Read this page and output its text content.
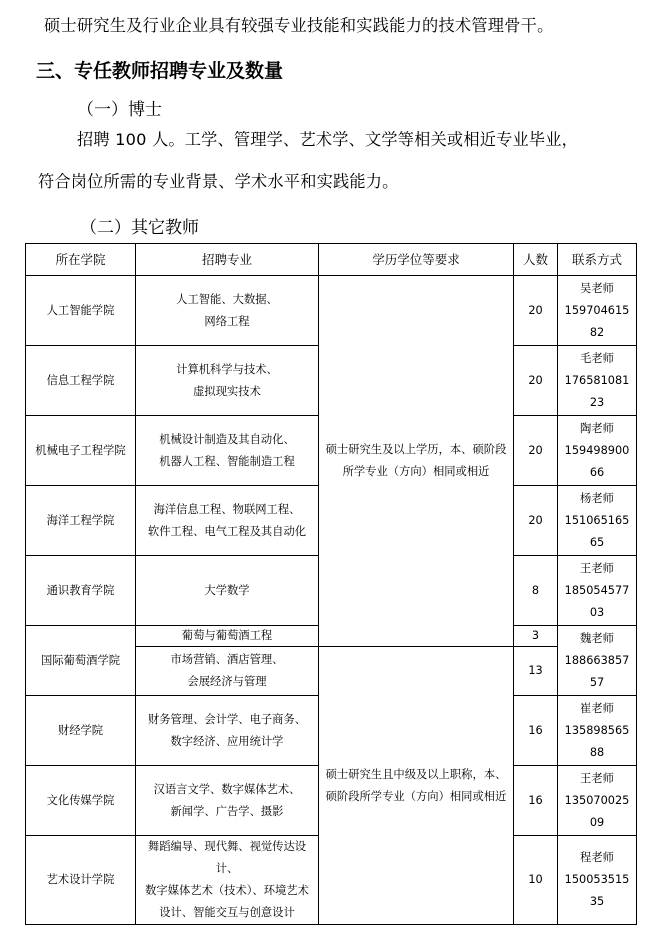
硕士研究生及行业企业具有较强专业技能和实践能力的技术管理骨干。
三、专任教师招聘专业及数量
（一）博士
招聘 100 人。工学、管理学、艺术学、文学等相关或相近专业毕业，
符合岗位所需的专业背景、学术水平和实践能力。
（二）其它教师
所在学院	招聘专业	学历学位等要求	人数	联系方式
人工智能学院	人工智能、大数据、
网络工程	硕士研究生及以上学历，本、硕阶段
所学专业（方向）相同或相近	20	吴老师
159704615
82

信息工程学院	计算机科学与技术、
虚拟现实技术		20	毛老师
176581081
23

机械电子工程学院	机械设计制造及其自动化、
机器人工程、智能制造工程		20	陶老师
159498900
66

海洋工程学院	海洋信息工程、物联网工程、
软件工程、电气工程及其自动化		20	杨老师
151065165
65

通识教育学院	大学数学		8	王老师
185054577
03

国际葡萄酒学院	葡萄与葡萄酒工程		3	魏老师
188663857
57

	市场营销、酒店管理、
会展经济与管理	硕士研究生且中级及以上职称，本、
硕阶段所学专业（方向）相同或相近	13	
财经学院	财务管理、会计学、电子商务、
数字经济、应用统计学		16	崔老师
135898565
88

文化传媒学院	汉语言文学、数字媒体艺术、
新闻学、广告学、摄影		16	王老师
135070025
09

艺术设计学院	舞蹈编导、现代舞、视觉传达设计、
数字媒体艺术（技术）、环境艺术
设计、智能交互与创意设计		10	程老师
150053515
35
